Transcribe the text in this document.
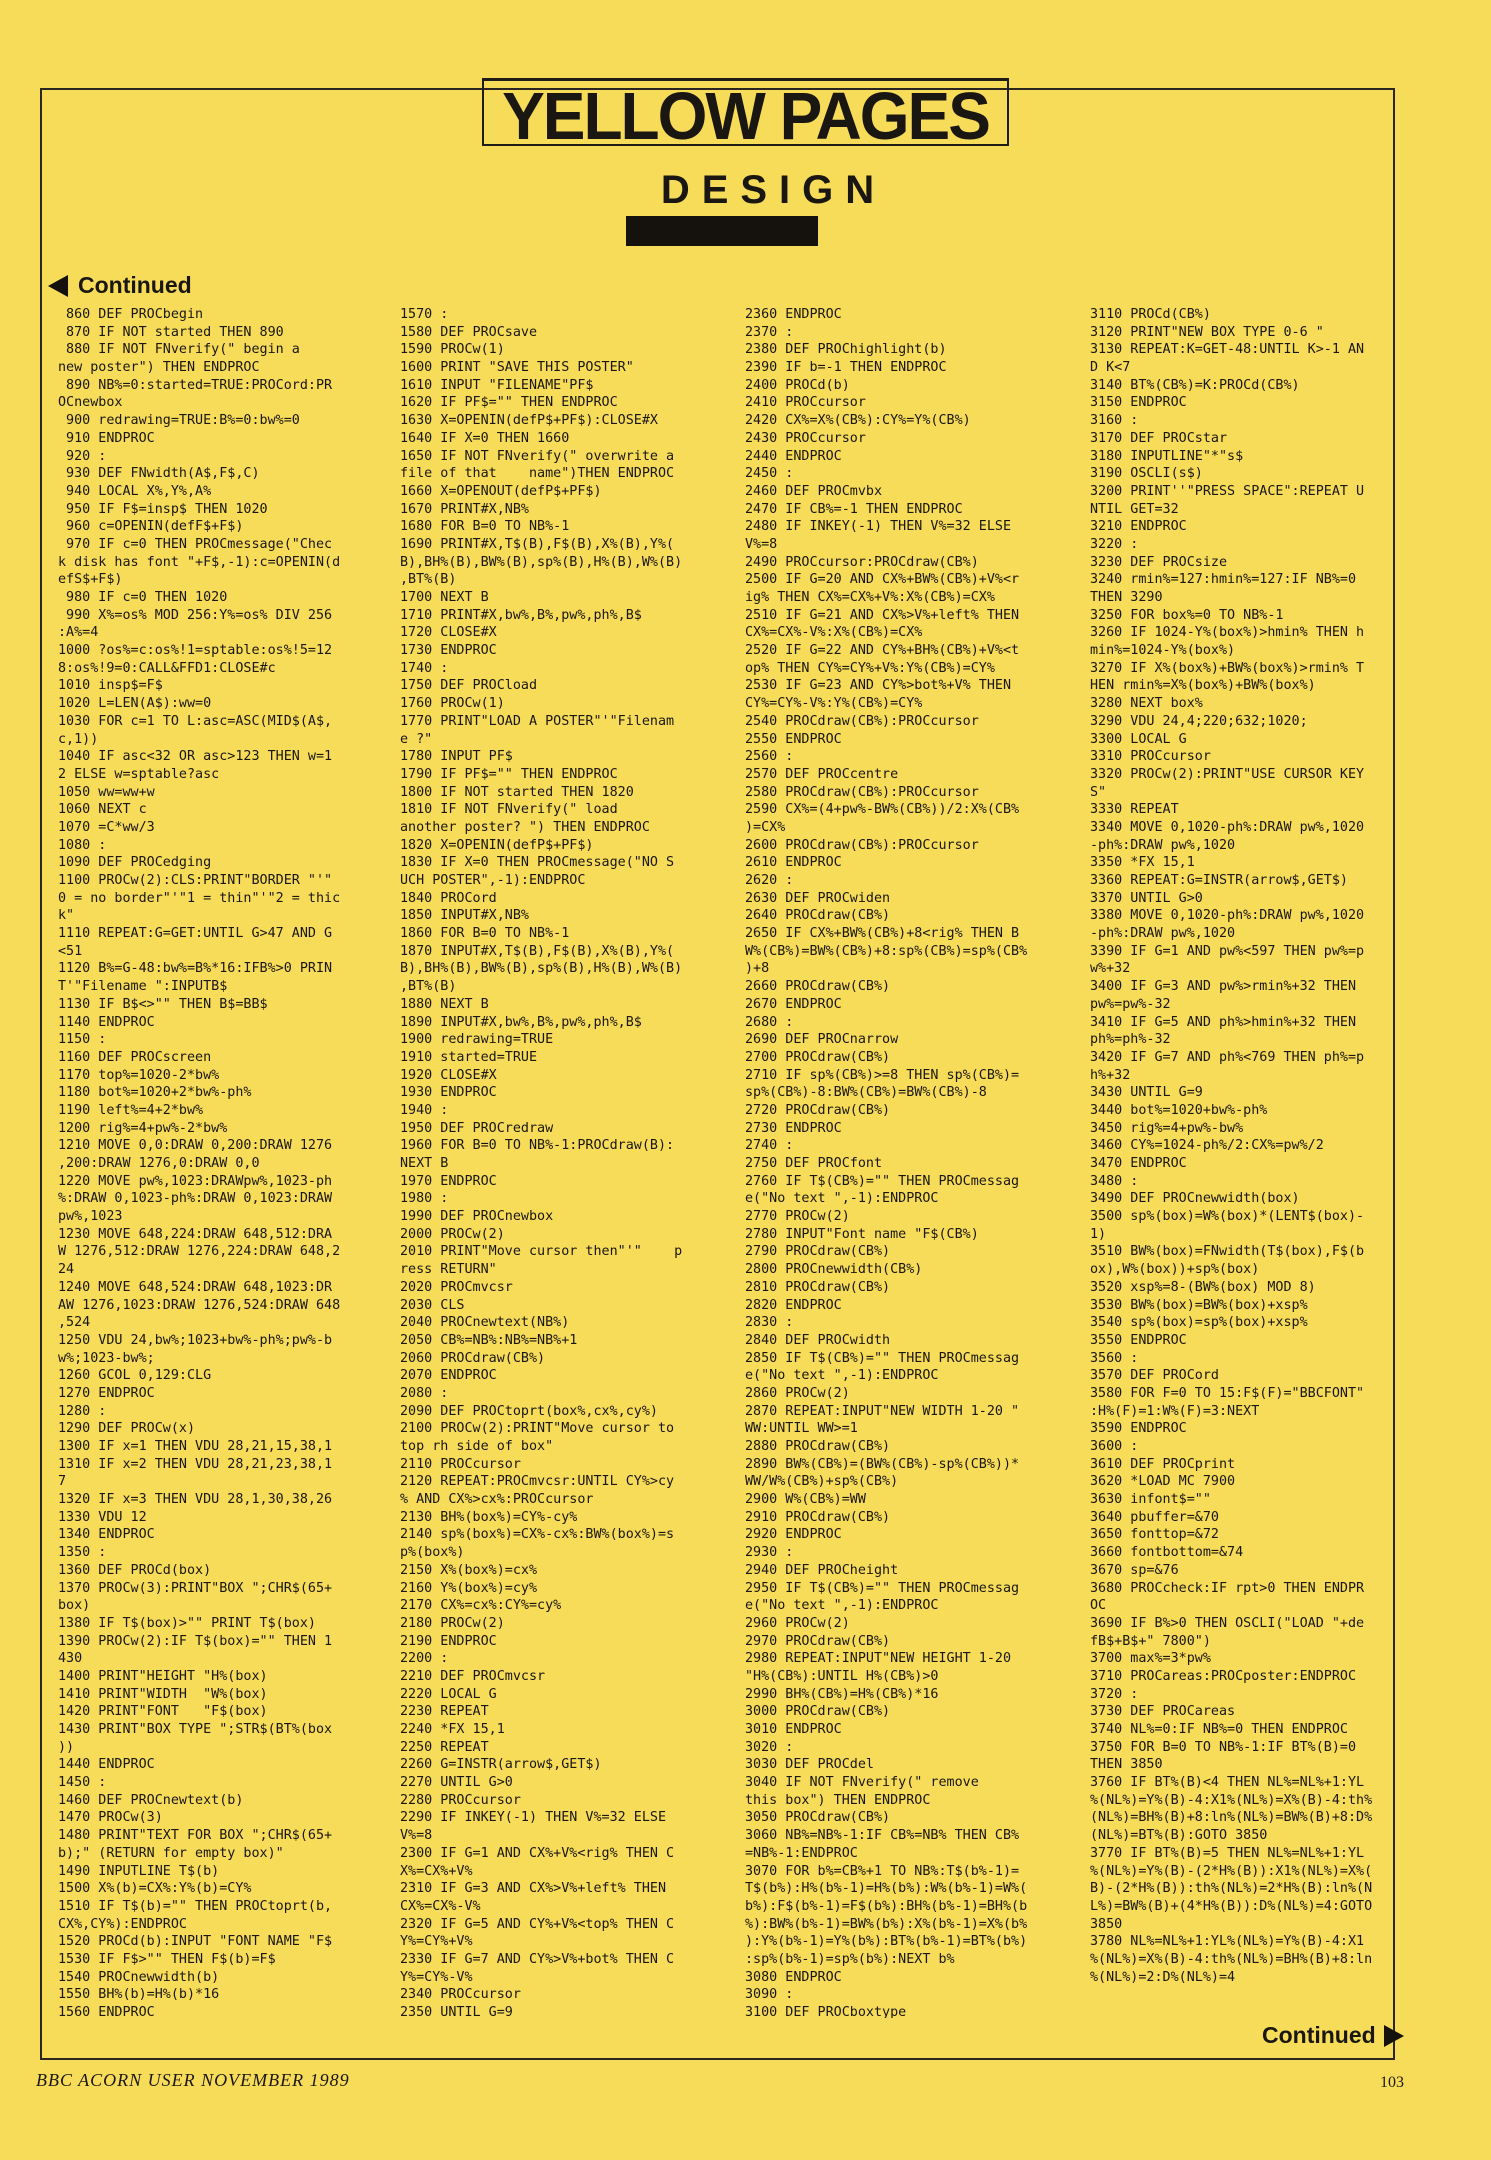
YELLOW PAGES
DESIGN
Continued
860 DEF PROCbegin
870 IF NOT started THEN 890
880 IF NOT FNverify(" begin a
new poster") THEN ENDPROC
890 NB%=0:started=TRUE:PROCord:PR
OCnewbox
900 redrawing=TRUE:B%=0:bw%=0
910 ENDPROC
920 :
930 DEF FNwidth(A$,F$,C)
940 LOCAL X%,Y%,A%
950 IF F$=insp$ THEN 1020
960 c=OPENIN(defF$+F$)
970 IF c=0 THEN PROCmessage("Chec
k disk has font "+F$,-1):c=OPENIN(d
efS$+F$)
980 IF c=0 THEN 1020
990 X%=os% MOD 256:Y%=os% DIV 256
:A%=4
1000 ?os%=c:os%!1=sptable:os%!5=12
8:os%!9=0:CALL&FFD1:CLOSE#c
1010 insp$=F$
1020 L=LEN(A$):ww=0
1030 FOR c=1 TO L:asc=ASC(MID$(A$,
c,1))
1040 IF asc<32 OR asc>123 THEN w=1
2 ELSE w=sptable?asc
1050 ww=ww+w
1060 NEXT c
1070 =C*ww/3
1080 :
1090 DEF PROCedging
1100 PROCw(2):CLS:PRINT"BORDER "'"
0 = no border"'"1 = thin"'"2 = thic
k"
1110 REPEAT:G=GET:UNTIL G>47 AND G
<51
1120 B%=G-48:bw%=B%*16:IFB%>0 PRIN
T'"Filename ":INPUTB$
1130 IF B$<>"" THEN B$=BB$
1140 ENDPROC
1150 :
1160 DEF PROCscreen
1170 top%=1020-2*bw%
1180 bot%=1020+2*bw%-ph%
1190 left%=4+2*bw%
1200 rig%=4+pw%-2*bw%
1210 MOVE 0,0:DRAW 0,200:DRAW 1276
,200:DRAW 1276,0:DRAW 0,0
1220 MOVE pw%,1023:DRAWpw%,1023-ph
%:DRAW 0,1023-ph%:DRAW 0,1023:DRAW
pw%,1023
1230 MOVE 648,224:DRAW 648,512:DRA
W 1276,512:DRAW 1276,224:DRAW 648,2
24
1240 MOVE 648,524:DRAW 648,1023:DR
AW 1276,1023:DRAW 1276,524:DRAW 648
,524
1250 VDU 24,bw%;1023+bw%-ph%;pw%-b
w%;1023-bw%;
1260 GCOL 0,129:CLG
1270 ENDPROC
1280 :
1290 DEF PROCw(x)
1300 IF x=1 THEN VDU 28,21,15,38,1
1310 IF x=2 THEN VDU 28,21,23,38,1
7
1320 IF x=3 THEN VDU 28,1,30,38,26
1330 VDU 12
1340 ENDPROC
1350 :
1360 DEF PROCd(box)
1370 PROCw(3):PRINT"BOX ";CHR$(65+
box)
1380 IF T$(box)>"" PRINT T$(box)
1390 PROCw(2):IF T$(box)="" THEN 1
430
1400 PRINT"HEIGHT "H%(box)
1410 PRINT"WIDTH  "W%(box)
1420 PRINT"FONT   "F$(box)
1430 PRINT"BOX TYPE ";STR$(BT%(box
))
1440 ENDPROC
1450 :
1460 DEF PROCnewtext(b)
1470 PROCw(3)
1480 PRINT"TEXT FOR BOX ";CHR$(65+
b);" (RETURN for empty box)"
1490 INPUTLINE T$(b)
1500 X%(b)=CX%:Y%(b)=CY%
1510 IF T$(b)="" THEN PROCtoprt(b,
CX%,CY%):ENDPROC
1520 PROCd(b):INPUT "FONT NAME "F$
1530 IF F$>"" THEN F$(b)=F$
1540 PROCnewwidth(b)
1550 BH%(b)=H%(b)*16
1560 ENDPROC
1570 :
1580 DEF PROCsave
1590 PROCw(1)
1600 PRINT "SAVE THIS POSTER"
1610 INPUT "FILENAME"PF$
1620 IF PF$="" THEN ENDPROC
1630 X=OPENIN(defP$+PF$):CLOSE#X
1640 IF X=0 THEN 1660
1650 IF NOT FNverify(" overwrite a
file of that    name")THEN ENDPROC
1660 X=OPENOUT(defP$+PF$)
1670 PRINT#X,NB%
1680 FOR B=0 TO NB%-1
1690 PRINT#X,T$(B),F$(B),X%(B),Y%(
B),BH%(B),BW%(B),sp%(B),H%(B),W%(B)
,BT%(B)
1700 NEXT B
1710 PRINT#X,bw%,B%,pw%,ph%,B$
1720 CLOSE#X
1730 ENDPROC
1740 :
1750 DEF PROCload
1760 PROCw(1)
1770 PRINT"LOAD A POSTER"'"Filenam
e ?"
1780 INPUT PF$
1790 IF PF$="" THEN ENDPROC
1800 IF NOT started THEN 1820
1810 IF NOT FNverify(" load
another poster? ") THEN ENDPROC
1820 X=OPENIN(defP$+PF$)
1830 IF X=0 THEN PROCmessage("NO S
UCH POSTER",-1):ENDPROC
1840 PROCord
1850 INPUT#X,NB%
1860 FOR B=0 TO NB%-1
1870 INPUT#X,T$(B),F$(B),X%(B),Y%(
B),BH%(B),BW%(B),sp%(B),H%(B),W%(B)
,BT%(B)
1880 NEXT B
1890 INPUT#X,bw%,B%,pw%,ph%,B$
1900 redrawing=TRUE
1910 started=TRUE
1920 CLOSE#X
1930 ENDPROC
1940 :
1950 DEF PROCredraw
1960 FOR B=0 TO NB%-1:PROCdraw(B):
NEXT B
1970 ENDPROC
1980 :
1990 DEF PROCnewbox
2000 PROCw(2)
2010 PRINT"Move cursor then"'"    p
ress RETURN"
2020 PROCmvcsr
2030 CLS
2040 PROCnewtext(NB%)
2050 CB%=NB%:NB%=NB%+1
2060 PROCdraw(CB%)
2070 ENDPROC
2080 :
2090 DEF PROCtoprt(box%,cx%,cy%)
2100 PROCw(2):PRINT"Move cursor to
top rh side of box"
2110 PROCcursor
2120 REPEAT:PROCmvcsr:UNTIL CY%>cy
% AND CX%>cx%:PROCcursor
2130 BH%(box%)=CY%-cy%
2140 sp%(box%)=CX%-cx%:BW%(box%)=s
p%(box%)
2150 X%(box%)=cx%
2160 Y%(box%)=cy%
2170 CX%=cx%:CY%=cy%
2180 PROCw(2)
2190 ENDPROC
2200 :
2210 DEF PROCmvcsr
2220 LOCAL G
2230 REPEAT
2240 *FX 15,1
2250 REPEAT
2260 G=INSTR(arrow$,GET$)
2270 UNTIL G>0
2280 PROCcursor
2290 IF INKEY(-1) THEN V%=32 ELSE
V%=8
2300 IF G=1 AND CX%+V%<rig% THEN C
X%=CX%+V%
2310 IF G=3 AND CX%>V%+left% THEN
CX%=CX%-V%
2320 IF G=5 AND CY%+V%<top% THEN C
Y%=CY%+V%
2330 IF G=7 AND CY%>V%+bot% THEN C
Y%=CY%-V%
2340 PROCcursor
2350 UNTIL G=9
2360 ENDPROC
2370 :
2380 DEF PROChighlight(b)
2390 IF b=-1 THEN ENDPROC
2400 PROCd(b)
2410 PROCcursor
2420 CX%=X%(CB%):CY%=Y%(CB%)
2430 PROCcursor
2440 ENDPROC
2450 :
2460 DEF PROCmvbx
2470 IF CB%=-1 THEN ENDPROC
2480 IF INKEY(-1) THEN V%=32 ELSE
V%=8
2490 PROCcursor:PROCdraw(CB%)
2500 IF G=20 AND CX%+BW%(CB%)+V%<r
ig% THEN CX%=CX%+V%:X%(CB%)=CX%
2510 IF G=21 AND CX%>V%+left% THEN
CX%=CX%-V%:X%(CB%)=CX%
2520 IF G=22 AND CY%+BH%(CB%)+V%<t
op% THEN CY%=CY%+V%:Y%(CB%)=CY%
2530 IF G=23 AND CY%>bot%+V% THEN
CY%=CY%-V%:Y%(CB%)=CY%
2540 PROCdraw(CB%):PROCcursor
2550 ENDPROC
2560 :
2570 DEF PROCcentre
2580 PROCdraw(CB%):PROCcursor
2590 CX%=(4+pw%-BW%(CB%))/2:X%(CB%
)=CX%
2600 PROCdraw(CB%):PROCcursor
2610 ENDPROC
2620 :
2630 DEF PROCwiden
2640 PROCdraw(CB%)
2650 IF CX%+BW%(CB%)+8<rig% THEN B
W%(CB%)=BW%(CB%)+8:sp%(CB%)=sp%(CB%
)+8
2660 PROCdraw(CB%)
2670 ENDPROC
2680 :
2690 DEF PROCnarrow
2700 PROCdraw(CB%)
2710 IF sp%(CB%)>=8 THEN sp%(CB%)=
sp%(CB%)-8:BW%(CB%)=BW%(CB%)-8
2720 PROCdraw(CB%)
2730 ENDPROC
2740 :
2750 DEF PROCfont
2760 IF T$(CB%)="" THEN PROCmessag
e("No text ",-1):ENDPROC
2770 PROCw(2)
2780 INPUT"Font name "F$(CB%)
2790 PROCdraw(CB%)
2800 PROCnewwidth(CB%)
2810 PROCdraw(CB%)
2820 ENDPROC
2830 :
2840 DEF PROCwidth
2850 IF T$(CB%)="" THEN PROCmessag
e("No text ",-1):ENDPROC
2860 PROCw(2)
2870 REPEAT:INPUT"NEW WIDTH 1-20 "
WW:UNTIL WW>=1
2880 PROCdraw(CB%)
2890 BW%(CB%)=(BW%(CB%)-sp%(CB%))*
WW/W%(CB%)+sp%(CB%)
2900 W%(CB%)=WW
2910 PROCdraw(CB%)
2920 ENDPROC
2930 :
2940 DEF PROCheight
2950 IF T$(CB%)="" THEN PROCmessag
e("No text ",-1):ENDPROC
2960 PROCw(2)
2970 PROCdraw(CB%)
2980 REPEAT:INPUT"NEW HEIGHT 1-20
"H%(CB%):UNTIL H%(CB%)>0
2990 BH%(CB%)=H%(CB%)*16
3000 PROCdraw(CB%)
3010 ENDPROC
3020 :
3030 DEF PROCdel
3040 IF NOT FNverify(" remove
this box") THEN ENDPROC
3050 PROCdraw(CB%)
3060 NB%=NB%-1:IF CB%=NB% THEN CB%
=NB%-1:ENDPROC
3070 FOR b%=CB%+1 TO NB%:T$(b%-1)=
T$(b%):H%(b%-1)=H%(b%):W%(b%-1)=W%(
b%):F$(b%-1)=F$(b%):BH%(b%-1)=BH%(b
%):BW%(b%-1)=BW%(b%):X%(b%-1)=X%(b%
):Y%(b%-1)=Y%(b%):BT%(b%-1)=BT%(b%)
:sp%(b%-1)=sp%(b%):NEXT b%
3080 ENDPROC
3090 :
3100 DEF PROCboxtype
3110 PROCd(CB%)
3120 PRINT"NEW BOX TYPE 0-6 "
3130 REPEAT:K=GET-48:UNTIL K>-1 AN
D K<7
3140 BT%(CB%)=K:PROCd(CB%)
3150 ENDPROC
3160 :
3170 DEF PROCstar
3180 INPUTLINE"*"s$
3190 OSCLI(s$)
3200 PRINT''"PRESS SPACE":REPEAT U
NTIL GET=32
3210 ENDPROC
3220 :
3230 DEF PROCsize
3240 rmin%=127:hmin%=127:IF NB%=0
THEN 3290
3250 FOR box%=0 TO NB%-1
3260 IF 1024-Y%(box%)>hmin% THEN h
min%=1024-Y%(box%)
3270 IF X%(box%)+BW%(box%)>rmin% T
HEN rmin%=X%(box%)+BW%(box%)
3280 NEXT box%
3290 VDU 24,4;220;632;1020;
3300 LOCAL G
3310 PROCcursor
3320 PROCw(2):PRINT"USE CURSOR KEY
S"
3330 REPEAT
3340 MOVE 0,1020-ph%:DRAW pw%,1020
-ph%:DRAW pw%,1020
3350 *FX 15,1
3360 REPEAT:G=INSTR(arrow$,GET$)
3370 UNTIL G>0
3380 MOVE 0,1020-ph%:DRAW pw%,1020
-ph%:DRAW pw%,1020
3390 IF G=1 AND pw%<597 THEN pw%=p
w%+32
3400 IF G=3 AND pw%>rmin%+32 THEN
pw%=pw%-32
3410 IF G=5 AND ph%>hmin%+32 THEN
ph%=ph%-32
3420 IF G=7 AND ph%<769 THEN ph%=p
h%+32
3430 UNTIL G=9
3440 bot%=1020+bw%-ph%
3450 rig%=4+pw%-bw%
3460 CY%=1024-ph%/2:CX%=pw%/2
3470 ENDPROC
3480 :
3490 DEF PROCnewwidth(box)
3500 sp%(box)=W%(box)*(LENT$(box)-
1)
3510 BW%(box)=FNwidth(T$(box),F$(b
ox),W%(box))+sp%(box)
3520 xsp%=8-(BW%(box) MOD 8)
3530 BW%(box)=BW%(box)+xsp%
3540 sp%(box)=sp%(box)+xsp%
3550 ENDPROC
3560 :
3570 DEF PROCord
3580 FOR F=0 TO 15:F$(F)="BBCFONT"
:H%(F)=1:W%(F)=3:NEXT
3590 ENDPROC
3600 :
3610 DEF PROCprint
3620 *LOAD MC 7900
3630 infont$=""
3640 pbuffer=&70
3650 fonttop=&72
3660 fontbottom=&74
3670 sp=&76
3680 PROCcheck:IF rpt>0 THEN ENDPR
OC
3690 IF B%>0 THEN OSCLI("LOAD "+de
fB$+B$+" 7800")
3700 max%=3*pw%
3710 PROCareas:PROCposter:ENDPROC
3720 :
3730 DEF PROCareas
3740 NL%=0:IF NB%=0 THEN ENDPROC
3750 FOR B=0 TO NB%-1:IF BT%(B)=0
THEN 3850
3760 IF BT%(B)<4 THEN NL%=NL%+1:YL
%(NL%)=Y%(B)-4:X1%(NL%)=X%(B)-4:th%
(NL%)=BH%(B)+8:ln%(NL%)=BW%(B)+8:D%
(NL%)=BT%(B):GOTO 3850
3770 IF BT%(B)=5 THEN NL%=NL%+1:YL
%(NL%)=Y%(B)-(2*H%(B)):X1%(NL%)=X%(
B)-(2*H%(B)):th%(NL%)=2*H%(B):ln%(N
L%)=BW%(B)+(4*H%(B)):D%(NL%)=4:GOTO
3850
3780 NL%=NL%+1:YL%(NL%)=Y%(B)-4:X1
%(NL%)=X%(B)-4:th%(NL%)=BH%(B)+8:ln
%(NL%)=2:D%(NL%)=4
Continued
BBC ACORN USER NOVEMBER 1989	103
